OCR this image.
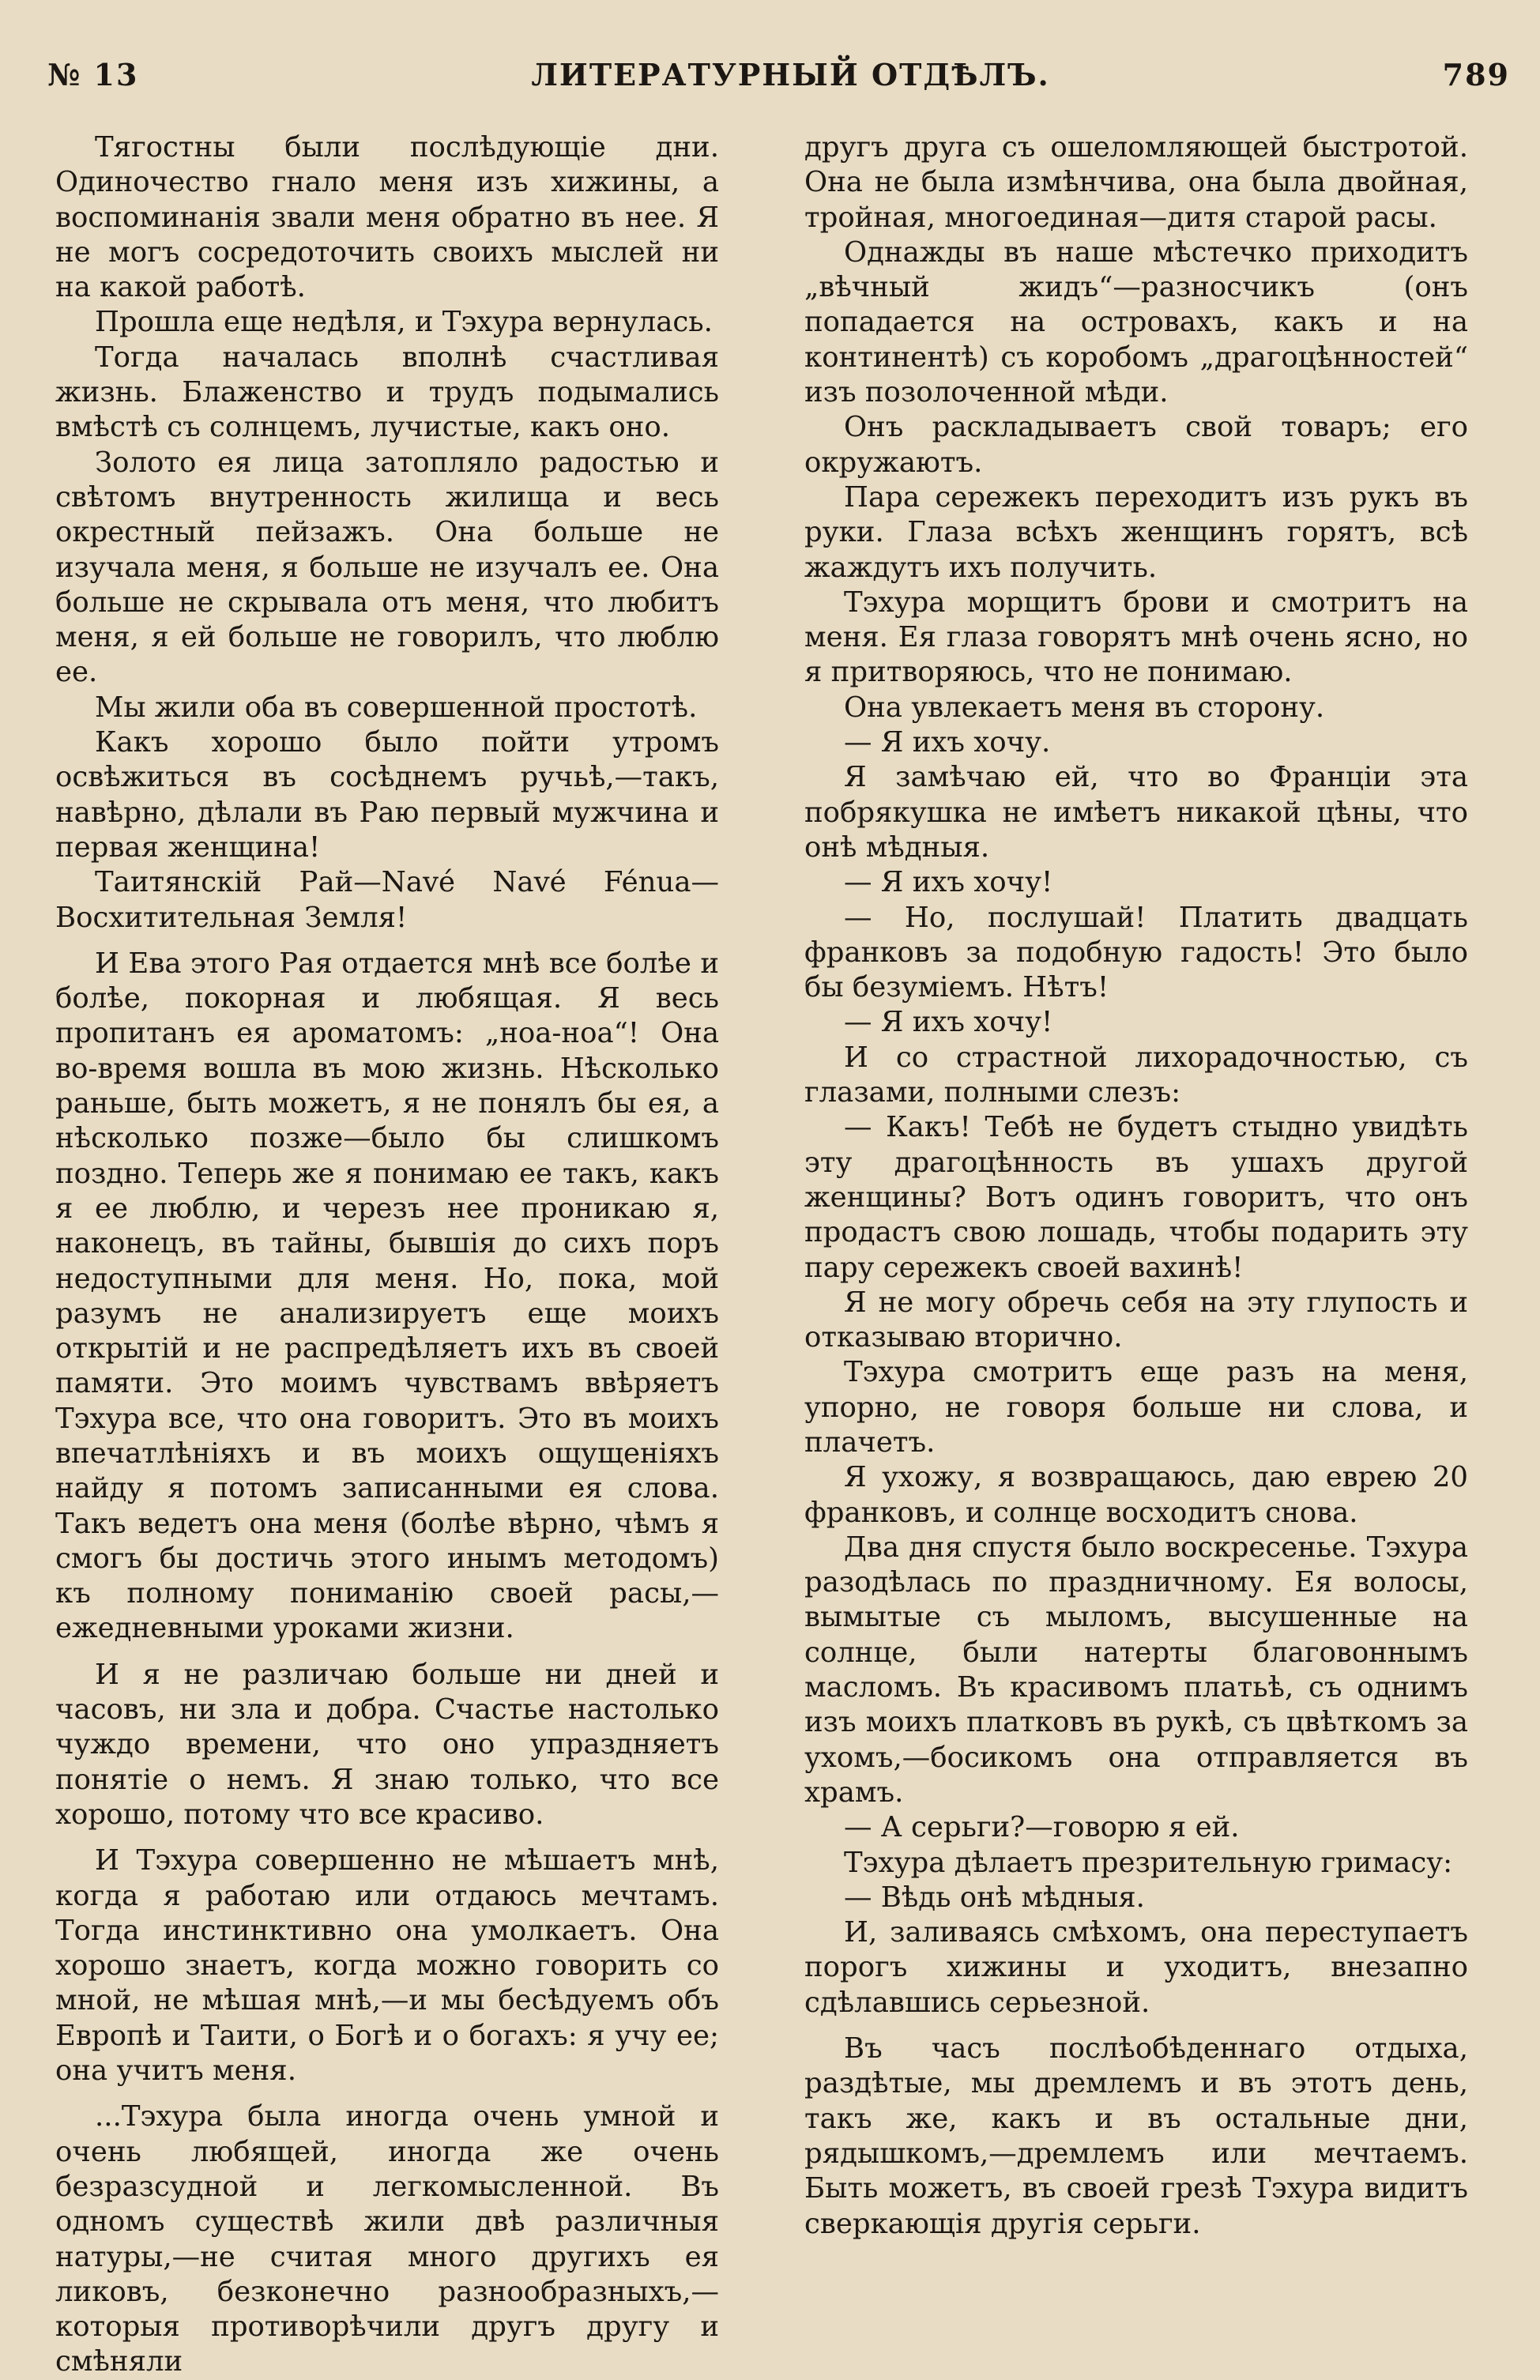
№ 13	ЛИТЕРАТУРНЫЙ ОТДѢЛЪ.	789

Тягостны были послѣдующіе дни. Одиночество гнало меня изъ хижины, а воспоминанія звали меня обратно въ нее. Я не могъ сосредоточить своихъ мыслей ни на какой работѣ.

Прошла еще недѣля, и Тэхура вернулась.

Тогда началась вполнѣ счастливая жизнь. Блаженство и трудъ подымались вмѣстѣ съ солнцемъ, лучистые, какъ оно.

Золото ея лица затопляло радостью и свѣтомъ внутренность жилища и весь окрестный пейзажъ. Она больше не изучала меня, я больше не изучалъ ее. Она больше не скрывала отъ меня, что любитъ меня, я ей больше не говорилъ, что люблю ее.

Мы жили оба въ совершенной простотѣ.

Какъ хорошо было пойти утромъ освѣжиться въ сосѣднемъ ручьѣ,—такъ, навѣрно, дѣлали въ Раю первый мужчина и первая женщина!

Таитянскій Рай—Navé Navé Fénua—Восхитительная Земля!

И Ева этого Рая отдается мнѣ все болѣе и болѣе, покорная и любящая. Я весь пропитанъ ея ароматомъ: „ноа-ноа“! Она во-время вошла въ мою жизнь. Нѣсколько раньше, быть можетъ, я не понялъ бы ея, а нѣсколько позже—было бы слишкомъ поздно. Теперь же я понимаю ее такъ, какъ я ее люблю, и черезъ нее проникаю я, наконецъ, въ тайны, бывшія до сихъ поръ недоступными для меня. Но, пока, мой разумъ не анализируетъ еще моихъ открытій и не распредѣляетъ ихъ въ своей памяти. Это моимъ чувствамъ ввѣряетъ Тэхура все, что она говоритъ. Это въ моихъ впечатлѣніяхъ и въ моихъ ощущеніяхъ найду я потомъ записанными ея слова. Такъ ведетъ она меня (болѣе вѣрно, чѣмъ я смогъ бы достичь этого инымъ методомъ) къ полному пониманію своей расы,—ежедневными уроками жизни.

И я не различаю больше ни дней и часовъ, ни зла и добра. Счастье настолько чуждо времени, что оно упраздняетъ понятіе о немъ. Я знаю только, что все хорошо, потому что все красиво.

И Тэхура совершенно не мѣшаетъ мнѣ, когда я работаю или отдаюсь мечтамъ. Тогда инстинктивно она умолкаетъ. Она хорошо знаетъ, когда можно говорить со мной, не мѣшая мнѣ,—и мы бесѣдуемъ объ Европѣ и Таити, о Богѣ и о богахъ: я учу ее; она учитъ меня.

...Тэхура была иногда очень умной и очень любящей, иногда же очень безразсудной и легкомысленной. Въ одномъ существѣ жили двѣ различныя натуры,—не считая много другихъ ея ликовъ, безконечно разнообразныхъ,—которыя противорѣчили другъ другу и смѣняли

другъ друга съ ошеломляющей быстротой. Она не была измѣнчива, она была двойная, тройная, многоединая—дитя старой расы.

Однажды въ наше мѣстечко приходитъ „вѣчный жидъ“—разносчикъ (онъ попадается на островахъ, какъ и на континентѣ) съ коробомъ „драгоцѣнностей“ изъ позолоченной мѣди.

Онъ раскладываетъ свой товаръ; его окружаютъ.

Пара сережекъ переходитъ изъ рукъ въ руки. Глаза всѣхъ женщинъ горятъ, всѣ жаждутъ ихъ получить.

Тэхура морщитъ брови и смотритъ на меня. Ея глаза говорятъ мнѣ очень ясно, но я притворяюсь, что не понимаю.

Она увлекаетъ меня въ сторону.

— Я ихъ хочу.

Я замѣчаю ей, что во Франціи эта побрякушка не имѣетъ никакой цѣны, что онѣ мѣдныя.

— Я ихъ хочу!

— Но, послушай! Платить двадцать франковъ за подобную гадость! Это было бы безуміемъ. Нѣтъ!

— Я ихъ хочу!

И со страстной лихорадочностью, съ глазами, полными слезъ:

— Какъ! Тебѣ не будетъ стыдно увидѣть эту драгоцѣнность въ ушахъ другой женщины? Вотъ одинъ говоритъ, что онъ продастъ свою лошадь, чтобы подарить эту пару сережекъ своей вахинѣ!

Я не могу обречь себя на эту глупость и отказываю вторично.

Тэхура смотритъ еще разъ на меня, упорно, не говоря больше ни слова, и плачетъ.

Я ухожу, я возвращаюсь, даю еврею 20 франковъ, и солнце восходитъ снова.

Два дня спустя было воскресенье. Тэхура разодѣлась по праздничному. Ея волосы, вымытые съ мыломъ, высушенные на солнце, были натерты благовоннымъ масломъ. Въ красивомъ платьѣ, съ однимъ изъ моихъ платковъ въ рукѣ, съ цвѣткомъ за ухомъ,—босикомъ она отправляется въ храмъ.

— А серьги?—говорю я ей.

Тэхура дѣлаетъ презрительную гримасу:

— Вѣдь онѣ мѣдныя.

И, заливаясь смѣхомъ, она переступаетъ порогъ хижины и уходитъ, внезапно сдѣлавшись серьезной.

Въ часъ послѣобѣденнаго отдыха, раздѣтые, мы дремлемъ и въ этотъ день, такъ же, какъ и въ остальные дни, рядышкомъ,—дремлемъ или мечтаемъ. Быть можетъ, въ своей грезѣ Тэхура видитъ сверкающія другія серьги.
